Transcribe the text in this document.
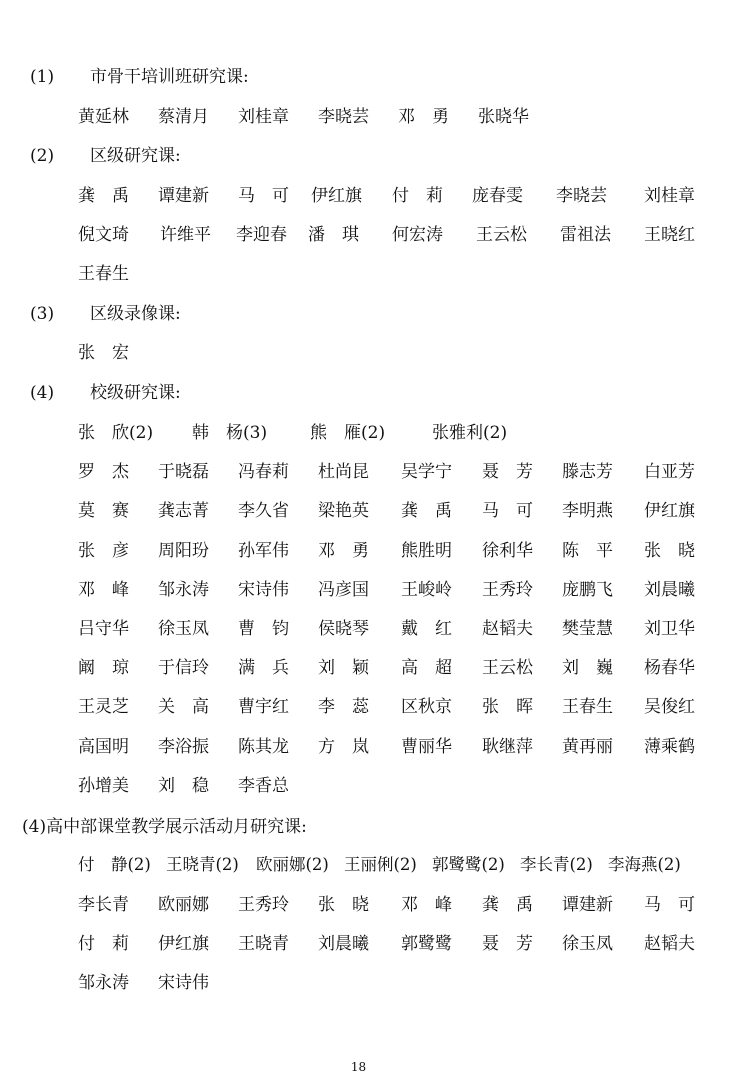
(1) 市骨干培训班研究课:
黄延林 蔡清月 刘桂章 李晓芸 邓　勇 张晓华
(2) 区级研究课:
龚　禹 谭建新 马　可 伊红旗 付　莉 庞春雯 李晓芸 刘桂章
倪文琦 许维平 李迎春 潘　琪 何宏涛 王云松 雷祖法 王晓红
王春生
(3) 区级录像课:
张　宏
(4) 校级研究课:
张　欣(2) 韩　杨(3)	熊　雁(2)	张雅利(2)
罗　杰 于晓磊 冯春莉 杜尚昆 吴学宁 聂　芳 滕志芳 白亚芳
莫　赛 龚志菁 李久省 梁艳英 龚　禹 马　可 李明燕 伊红旗
张　彦 周阳玢 孙军伟 邓　勇 熊胜明 徐利华 陈　平 张　晓
邓　峰 邹永涛 宋诗伟 冯彦国 王峻岭 王秀玲 庞鹏飞 刘晨曦
吕守华 徐玉凤 曹　钧 侯晓琴 戴　红 赵韬夫 樊莹慧 刘卫华
阚　琼 于信玲 满　兵 刘　颖 高　超 王云松 刘　巍 杨春华
王灵芝 关　高 曹宇红 李　蕊 区秋京 张　晖 王春生 吴俊红
高国明 李浴振 陈其龙 方　岚 曹丽华 耿继萍 黄再丽 薄乘鹤
孙增美 刘　稳 李香总
(4)高中部课堂教学展示活动月研究课:
付　静(2) 王晓青(2) 欧丽娜(2) 王丽俐(2) 郭鹭鹭(2) 李长青(2) 李海燕(2)
李长青 欧丽娜 王秀玲 张　晓 邓　峰 龚　禹 谭建新 马　可
付　莉 伊红旗 王晓青 刘晨曦 郭鹭鹭 聂　芳 徐玉凤 赵韬夫
邹永涛 宋诗伟
18
